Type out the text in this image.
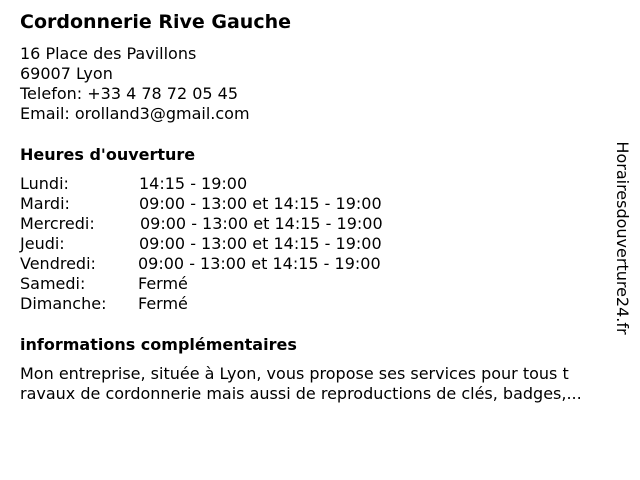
Cordonnerie Rive Gauche
16 Place des Pavillons
69007 Lyon
Telefon: +33 4 78 72 05 45
Email: orolland3@gmail.com
Heures d'ouverture
Lundi:	14:15 - 19:00
Mardi:	09:00 - 13:00 et 14:15 - 19:00
Mercredi:	09:00 - 13:00 et 14:15 - 19:00
Jeudi:	09:00 - 13:00 et 14:15 - 19:00
Vendredi:	09:00 - 13:00 et 14:15 - 19:00
Samedi:	Fermé
Dimanche: Fermé
informations complémentaires
Mon entreprise, située à Lyon, vous propose ses services pour tous t
ravaux de cordonnerie mais aussi de reproductions de clés, badges,...
Horairesdouverture24.fr
